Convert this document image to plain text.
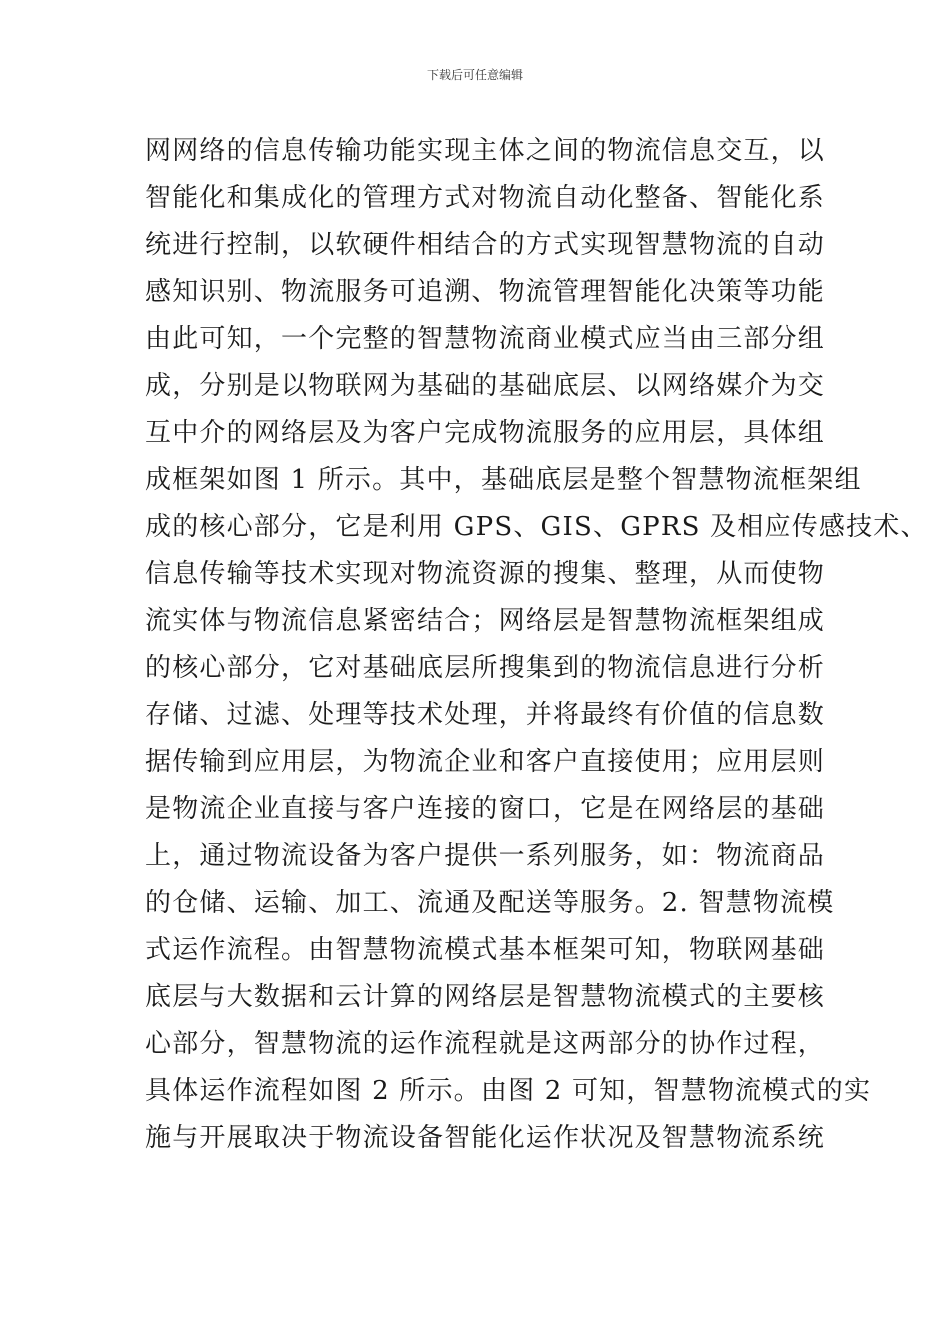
下载后可任意编辑
网网络的信息传输功能实现主体之间的物流信息交互，以
智能化和集成化的管理方式对物流自动化整备、智能化系
统进行控制，以软硬件相结合的方式实现智慧物流的自动
感知识别、物流服务可追溯、物流管理智能化决策等功能
由此可知，一个完整的智慧物流商业模式应当由三部分组
成，分别是以物联网为基础的基础底层、以网络媒介为交
互中介的网络层及为客户完成物流服务的应用层，具体组
成框架如图 1 所示。其中，基础底层是整个智慧物流框架组
成的核心部分，它是利用 GPS、GIS、GPRS 及相应传感技术、
信息传输等技术实现对物流资源的搜集、整理，从而使物
流实体与物流信息紧密结合；网络层是智慧物流框架组成
的核心部分，它对基础底层所搜集到的物流信息进行分析
存储、过滤、处理等技术处理，并将最终有价值的信息数
据传输到应用层，为物流企业和客户直接使用；应用层则
是物流企业直接与客户连接的窗口，它是在网络层的基础
上，通过物流设备为客户提供一系列服务，如：物流商品
的仓储、运输、加工、流通及配送等服务。2. 智慧物流模
式运作流程。由智慧物流模式基本框架可知，物联网基础
底层与大数据和云计算的网络层是智慧物流模式的主要核
心部分，智慧物流的运作流程就是这两部分的协作过程，
具体运作流程如图 2 所示。由图 2 可知，智慧物流模式的实
施与开展取决于物流设备智能化运作状况及智慧物流系统
